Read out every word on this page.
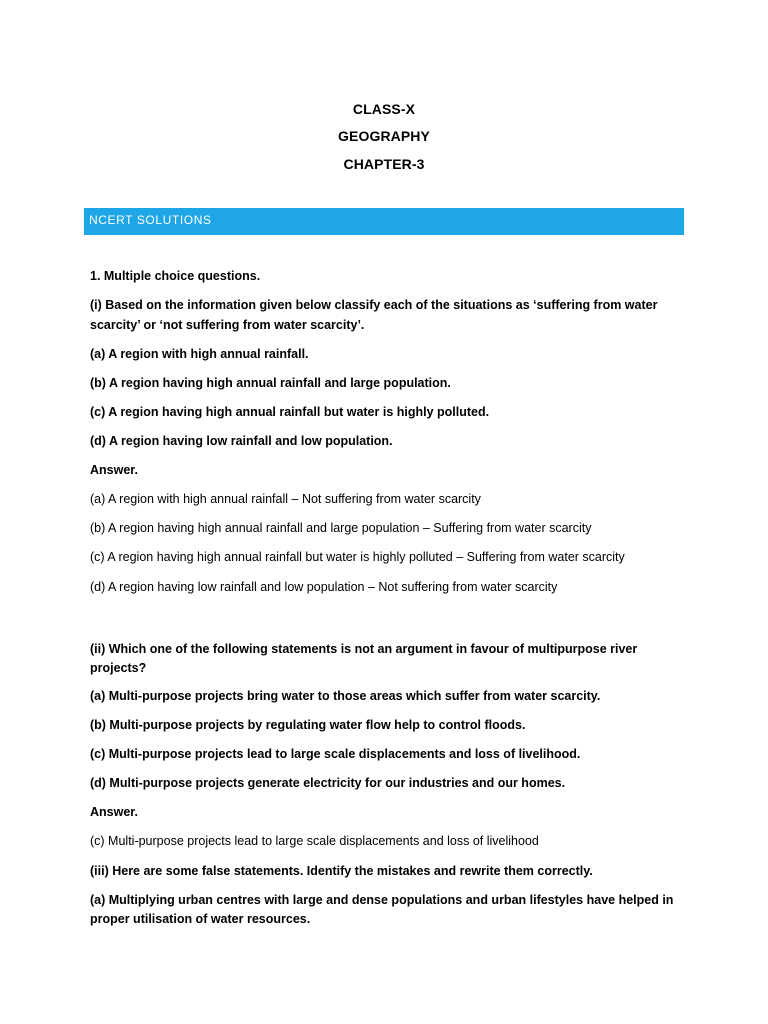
CLASS-X
GEOGRAPHY
CHAPTER-3
NCERT SOLUTIONS
1. Multiple choice questions.
(i) Based on the information given below classify each of the situations as ‘suffering from water
scarcity’ or ‘not suffering from water scarcity’.
(a) A region with high annual rainfall.
(b) A region having high annual rainfall and large population.
(c) A region having high annual rainfall but water is highly polluted.
(d) A region having low rainfall and low population.
Answer.
(a) A region with high annual rainfall – Not suffering from water scarcity
(b) A region having high annual rainfall and large population – Suffering from water scarcity
(c) A region having high annual rainfall but water is highly polluted – Suffering from water scarcity
(d) A region having low rainfall and low population – Not suffering from water scarcity
(ii) Which one of the following statements is not an argument in favour of multipurpose river
projects?
(a) Multi-purpose projects bring water to those areas which suffer from water scarcity.
(b) Multi-purpose projects by regulating water flow help to control floods.
(c) Multi-purpose projects lead to large scale displacements and loss of livelihood.
(d) Multi-purpose projects generate electricity for our industries and our homes.
Answer.
(c) Multi-purpose projects lead to large scale displacements and loss of livelihood
(iii) Here are some false statements. Identify the mistakes and rewrite them correctly.
(a) Multiplying urban centres with large and dense populations and urban lifestyles have helped in
proper utilisation of water resources.
